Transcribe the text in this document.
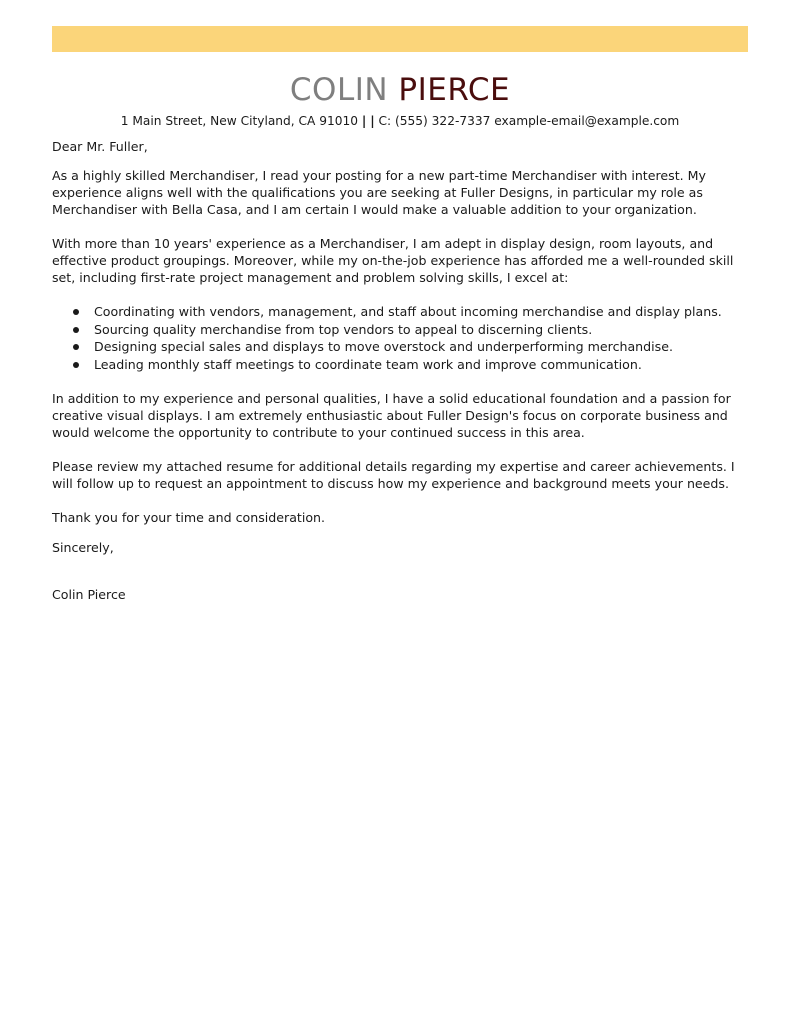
COLIN PIERCE
1 Main Street, New Cityland, CA 91010 | | C: (555) 322-7337 example-email@example.com

Dear Mr. Fuller,

As a highly skilled Merchandiser, I read your posting for a new part-time Merchandiser with interest. My experience aligns well with the qualifications you are seeking at Fuller Designs, in particular my role as Merchandiser with Bella Casa, and I am certain I would make a valuable addition to your organization.

With more than 10 years' experience as a Merchandiser, I am adept in display design, room layouts, and effective product groupings. Moreover, while my on-the-job experience has afforded me a well-rounded skill set, including first-rate project management and problem solving skills, I excel at:

Coordinating with vendors, management, and staff about incoming merchandise and display plans.
Sourcing quality merchandise from top vendors to appeal to discerning clients.
Designing special sales and displays to move overstock and underperforming merchandise.
Leading monthly staff meetings to coordinate team work and improve communication.

In addition to my experience and personal qualities, I have a solid educational foundation and a passion for creative visual displays. I am extremely enthusiastic about Fuller Design's focus on corporate business and would welcome the opportunity to contribute to your continued success in this area.

Please review my attached resume for additional details regarding my expertise and career achievements. I will follow up to request an appointment to discuss how my experience and background meets your needs.

Thank you for your time and consideration.

Sincerely,

Colin Pierce
